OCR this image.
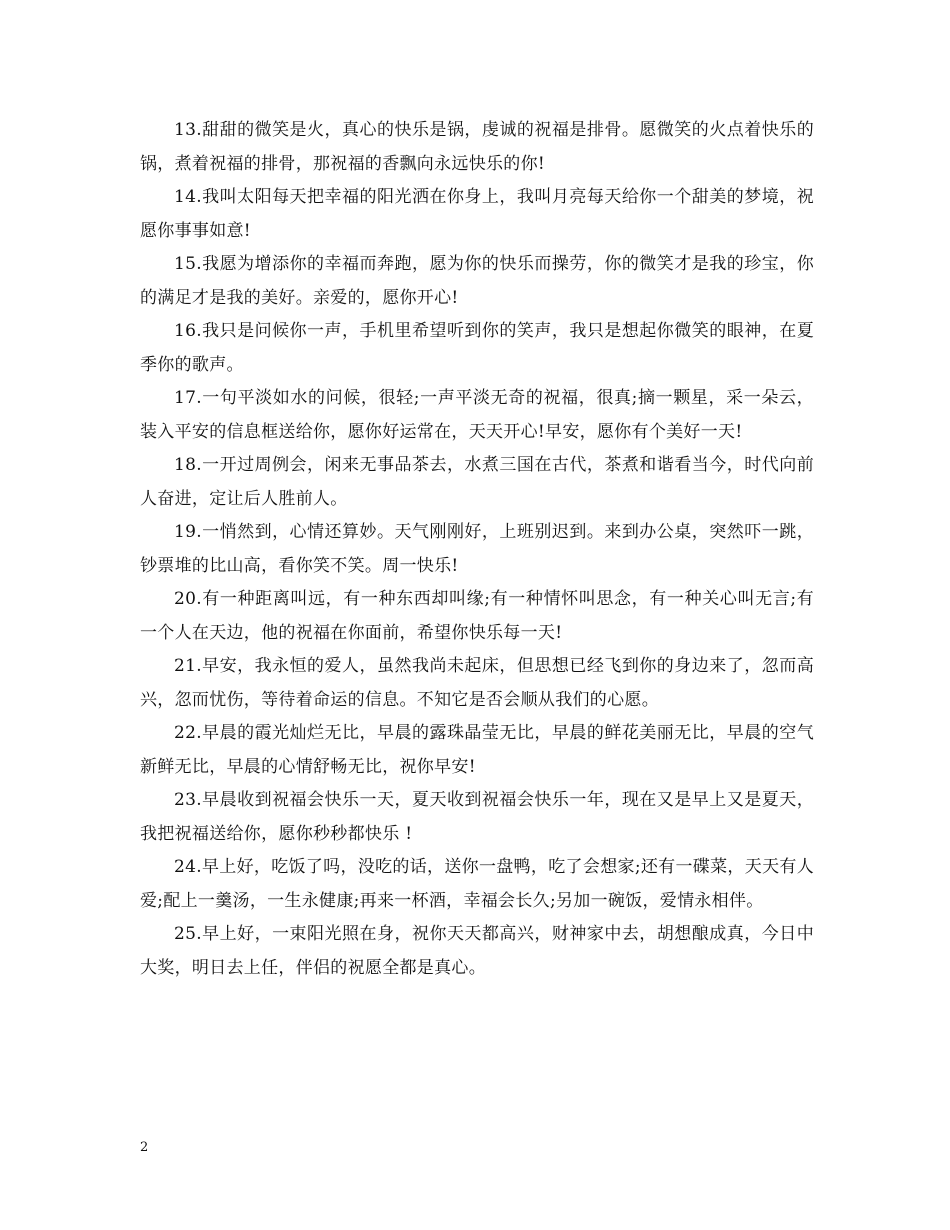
13.甜甜的微笑是火，真心的快乐是锅，虔诚的祝福是排骨。愿微笑的火点着快乐的锅，煮着祝福的排骨，那祝福的香飘向永远快乐的你!

14.我叫太阳每天把幸福的阳光洒在你身上，我叫月亮每天给你一个甜美的梦境，祝愿你事事如意!

15.我愿为增添你的幸福而奔跑，愿为你的快乐而操劳，你的微笑才是我的珍宝，你的满足才是我的美好。亲爱的，愿你开心!

16.我只是问候你一声，手机里希望听到你的笑声，我只是想起你微笑的眼神，在夏季你的歌声。

17.一句平淡如水的问候，很轻;一声平淡无奇的祝福，很真;摘一颗星，采一朵云，装入平安的信息框送给你，愿你好运常在，天天开心!早安，愿你有个美好一天!

18.一开过周例会，闲来无事品茶去，水煮三国在古代，茶煮和谐看当今，时代向前人奋进，定让后人胜前人。

19.一悄然到，心情还算妙。天气刚刚好，上班别迟到。来到办公桌，突然吓一跳，钞票堆的比山高，看你笑不笑。周一快乐!

20.有一种距离叫远，有一种东西却叫缘;有一种情怀叫思念，有一种关心叫无言;有一个人在天边，他的祝福在你面前，希望你快乐每一天!

21.早安，我永恒的爱人，虽然我尚未起床，但思想已经飞到你的身边来了，忽而高兴，忽而忧伤，等待着命运的信息。不知它是否会顺从我们的心愿。

22.早晨的霞光灿烂无比，早晨的露珠晶莹无比，早晨的鲜花美丽无比，早晨的空气新鲜无比，早晨的心情舒畅无比，祝你早安!

23.早晨收到祝福会快乐一天，夏天收到祝福会快乐一年，现在又是早上又是夏天，我把祝福送给你，愿你秒秒都快乐 !

24.早上好，吃饭了吗，没吃的话，送你一盘鸭，吃了会想家;还有一碟菜，天天有人爱;配上一羹汤，一生永健康;再来一杯酒，幸福会长久;另加一碗饭，爱情永相伴。

25.早上好，一束阳光照在身，祝你天天都高兴，财神家中去，胡想酿成真，今日中大奖，明日去上任，伴侣的祝愿全都是真心。

2
